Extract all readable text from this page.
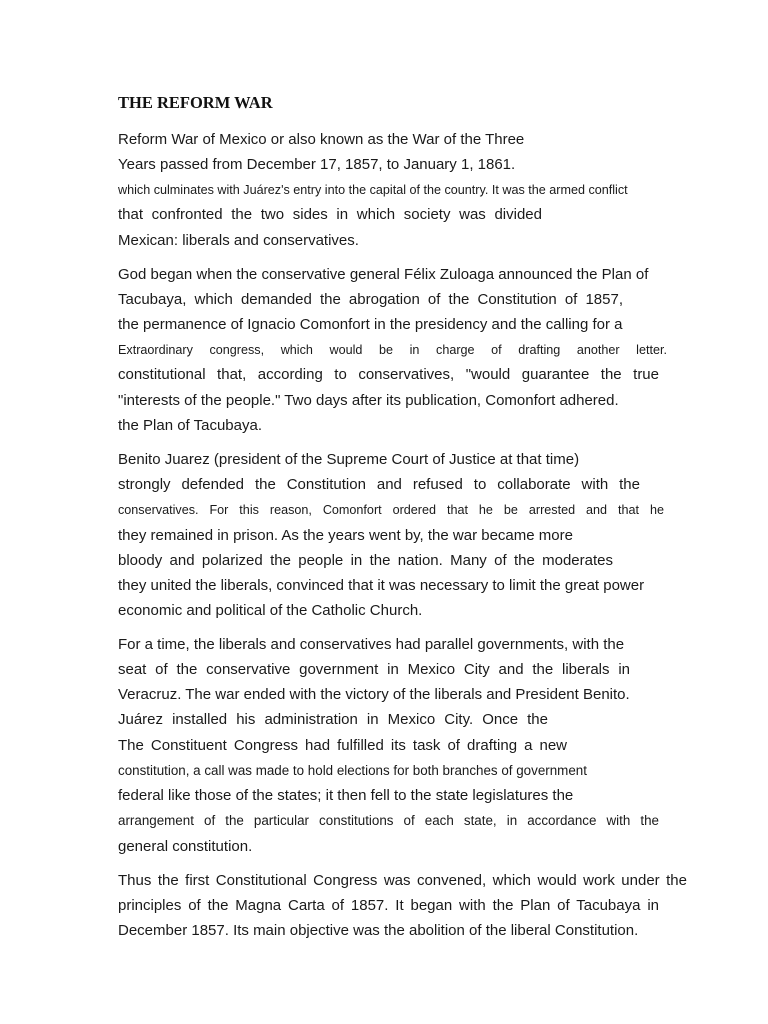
THE REFORM WAR
Reform War of Mexico or also known as the War of the Three
Years passed from December 17, 1857, to January 1, 1861.
which culminates with Juárez's entry into the capital of the country. It was the armed conflict
that confronted the two sides in which society was divided
Mexican: liberals and conservatives.
God began when the conservative general Félix Zuloaga announced the Plan of
Tacubaya, which demanded the abrogation of the Constitution of 1857,
the permanence of Ignacio Comonfort in the presidency and the calling for a
Extraordinary congress, which would be in charge of drafting another letter.
constitutional that, according to conservatives, "would guarantee the true
"interests of the people." Two days after its publication, Comonfort adhered.
the Plan of Tacubaya.
Benito Juarez (president of the Supreme Court of Justice at that time)
strongly defended the Constitution and refused to collaborate with the
conservatives. For this reason, Comonfort ordered that he be arrested and that he
they remained in prison. As the years went by, the war became more
bloody and polarized the people in the nation. Many of the moderates
they united the liberals, convinced that it was necessary to limit the great power
economic and political of the Catholic Church.
For a time, the liberals and conservatives had parallel governments, with the
seat of the conservative government in Mexico City and the liberals in
Veracruz. The war ended with the victory of the liberals and President Benito.
Juárez installed his administration in Mexico City. Once the
The Constituent Congress had fulfilled its task of drafting a new
constitution, a call was made to hold elections for both branches of government
federal like those of the states; it then fell to the state legislatures the
arrangement of the particular constitutions of each state, in accordance with the
general constitution.
Thus the first Constitutional Congress was convened, which would work under the
principles of the Magna Carta of 1857. It began with the Plan of Tacubaya in
December 1857. Its main objective was the abolition of the liberal Constitution.
